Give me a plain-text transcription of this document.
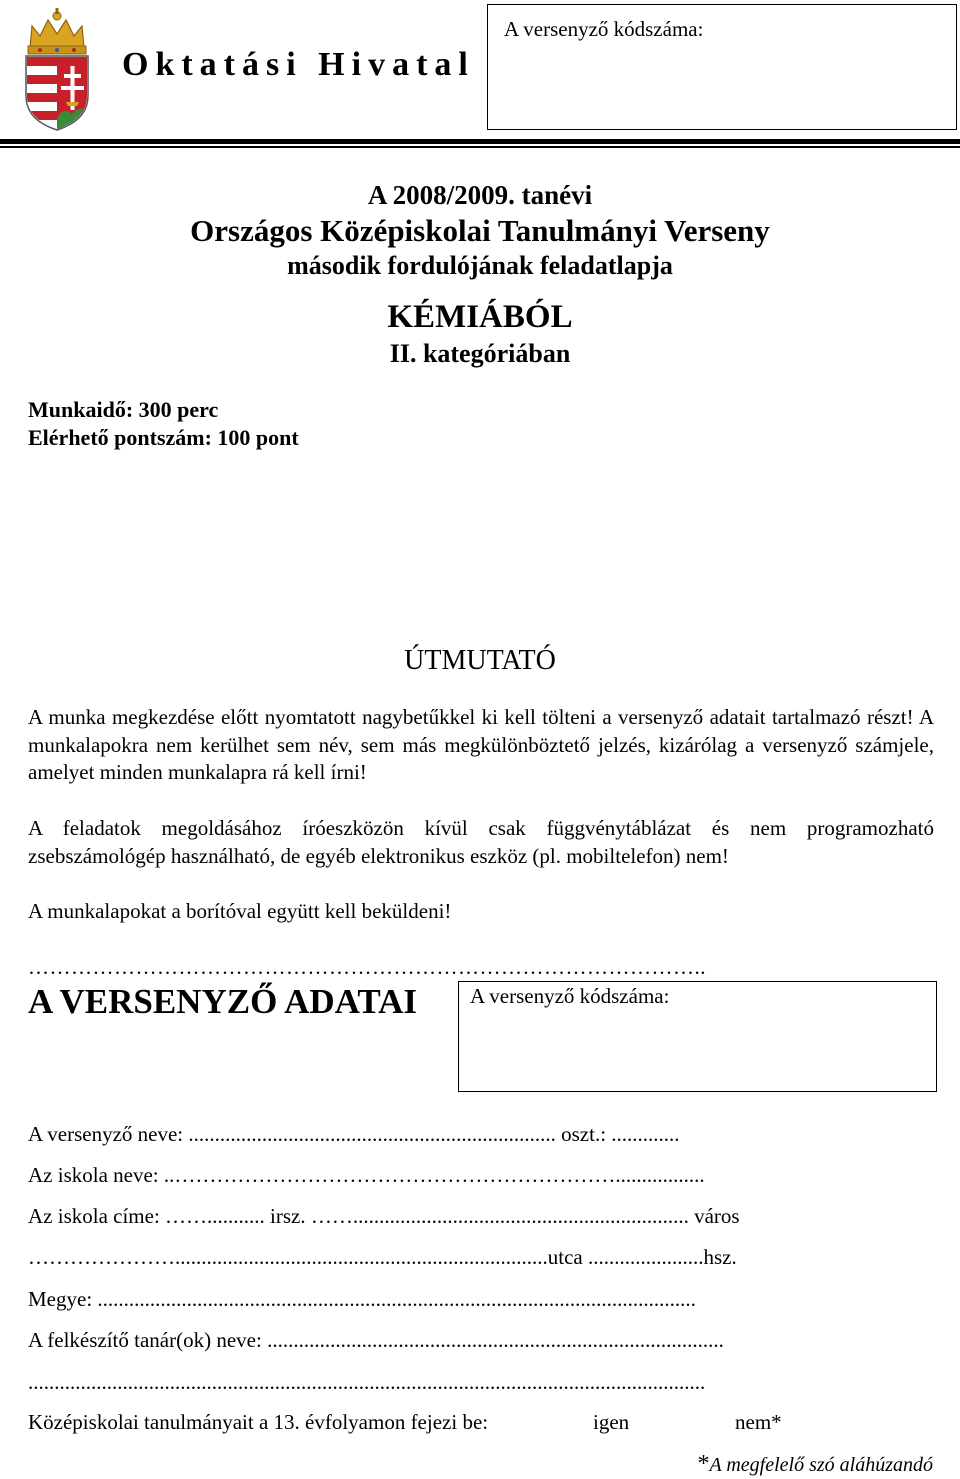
Oktatási Hivatal
A versenyző kódszáma:
A 2008/2009. tanévi
Országos Középiskolai Tanulmányi Verseny
második fordulójának feladatlapja
KÉMIÁBÓL
II. kategóriában
Munkaidő: 300 perc
Elérhető pontszám: 100 pont
ÚTMUTATÓ
A munka megkezdése előtt nyomtatott nagybetűkkel ki kell tölteni a versenyző adatait tartalmazó részt! A munkalapokra nem kerülhet sem név, sem más megkülönböztető jelzés, kizárólag a versenyző számjele, amelyet minden munkalapra rá kell írni!
A feladatok megoldásához íróeszközön kívül csak függvénytáblázat és nem programozható zsebszámológép használható, de egyéb elektronikus eszköz (pl. mobiltelefon) nem!
A munkalapokat a borítóval együtt kell beküldeni!
…………………………………………………………………………………..
A VERSENYZŐ ADATAI	A versenyző kódszáma:
A versenyző neve: ...................................................................... oszt.: .............
Az iskola neve: ..……………………………………………………….................
Az iskola címe: ……........... irsz. ……................................................................ város
………………….......................................................................utca ......................hsz.
Megye: ..................................................................................................................
A felkészítő tanár(ok) neve: .......................................................................................
.................................................................................................................................
Középiskolai tanulmányait a 13. évfolyamon fejezi be:	igen	nem*
*A megfelelő szó aláhúzandó
